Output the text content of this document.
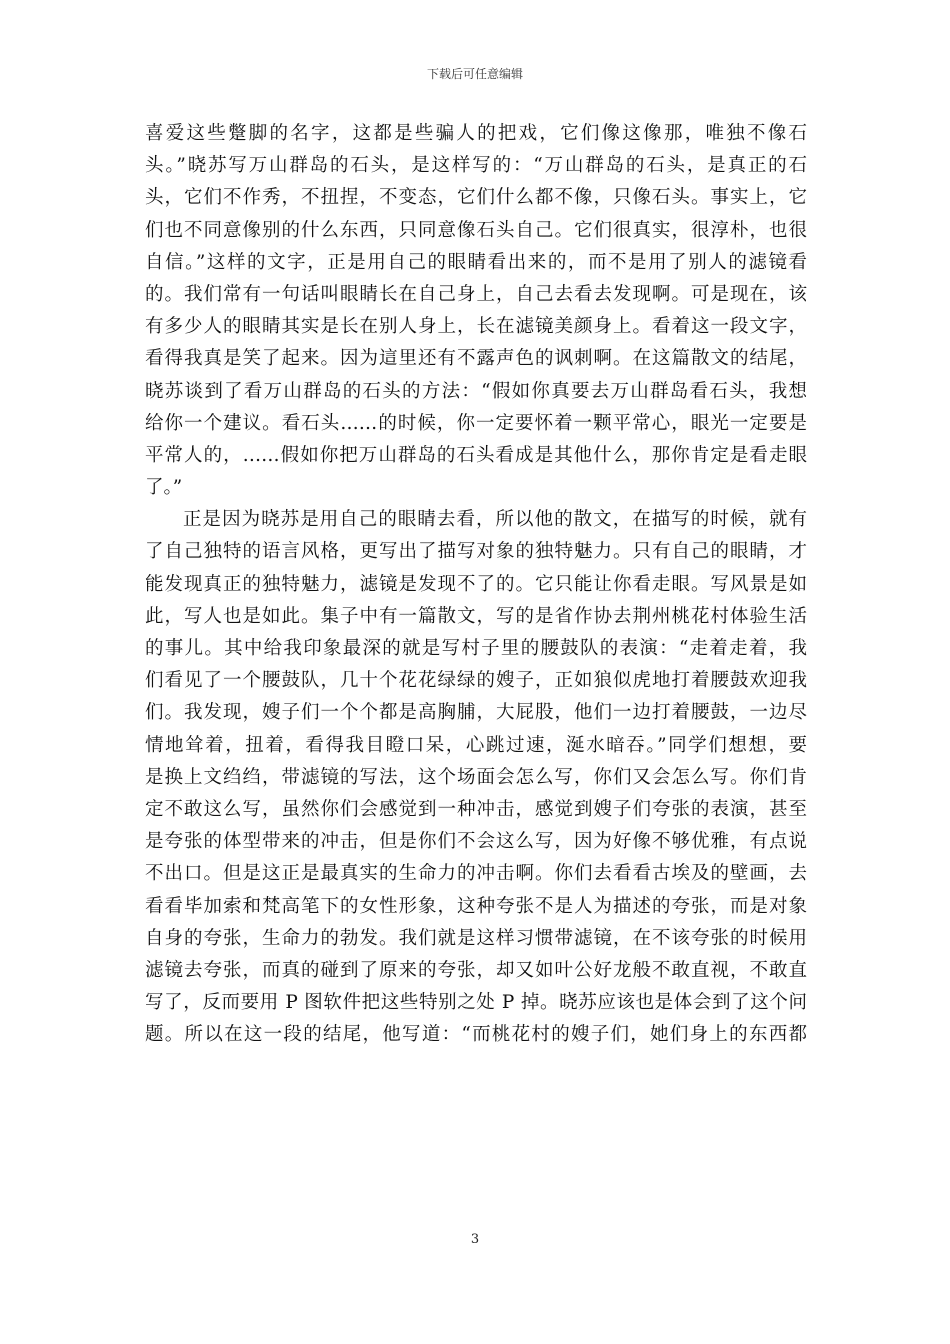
下载后可任意编辑
喜爱这些蹩脚的名字，这都是些骗人的把戏，它们像这像那，唯独不像石
头。”晓苏写万山群岛的石头，是这样写的：“万山群岛的石头，是真正的石
头，它们不作秀，不扭捏，不变态，它们什么都不像，只像石头。事实上，它
们也不同意像别的什么东西，只同意像石头自己。它们很真实，很淳朴，也很
自信。”这样的文字，正是用自己的眼睛看出来的，而不是用了别人的滤镜看
的。我们常有一句话叫眼睛长在自己身上，自己去看去发现啊。可是现在，该
有多少人的眼睛其实是长在别人身上，长在滤镜美颜身上。看着这一段文字，
看得我真是笑了起来。因为這里还有不露声色的讽刺啊。在这篇散文的结尾，
晓苏谈到了看万山群岛的石头的方法：“假如你真要去万山群岛看石头，我想
给你一个建议。看石头……的时候，你一定要怀着一颗平常心，眼光一定要是
平常人的，……假如你把万山群岛的石头看成是其他什么，那你肯定是看走眼
了。”
正是因为晓苏是用自己的眼睛去看，所以他的散文，在描写的时候，就有
了自己独特的语言风格，更写出了描写对象的独特魅力。只有自己的眼睛，才
能发现真正的独特魅力，滤镜是发现不了的。它只能让你看走眼。写风景是如
此，写人也是如此。集子中有一篇散文，写的是省作协去荆州桃花村体验生活
的事儿。其中给我印象最深的就是写村子里的腰鼓队的表演：“走着走着，我
们看见了一个腰鼓队，几十个花花绿绿的嫂子，正如狼似虎地打着腰鼓欢迎我
们。我发现，嫂子们一个个都是高胸脯，大屁股，他们一边打着腰鼓，一边尽
情地耸着，扭着，看得我目瞪口呆，心跳过速，涎水暗吞。”同学们想想，要
是换上文绉绉，带滤镜的写法，这个场面会怎么写，你们又会怎么写。你们肯
定不敢这么写，虽然你们会感觉到一种冲击，感觉到嫂子们夸张的表演，甚至
是夸张的体型带来的冲击，但是你们不会这么写，因为好像不够优雅，有点说
不出口。但是这正是最真实的生命力的冲击啊。你们去看看古埃及的壁画，去
看看毕加索和梵高笔下的女性形象，这种夸张不是人为描述的夸张，而是对象
自身的夸张，生命力的勃发。我们就是这样习惯带滤镜，在不该夸张的时候用
滤镜去夸张，而真的碰到了原来的夸张，却又如叶公好龙般不敢直视，不敢直
写了，反而要用 P 图软件把这些特别之处 P 掉。晓苏应该也是体会到了这个问
题。所以在这一段的结尾，他写道：“而桃花村的嫂子们，她们身上的东西都
3
